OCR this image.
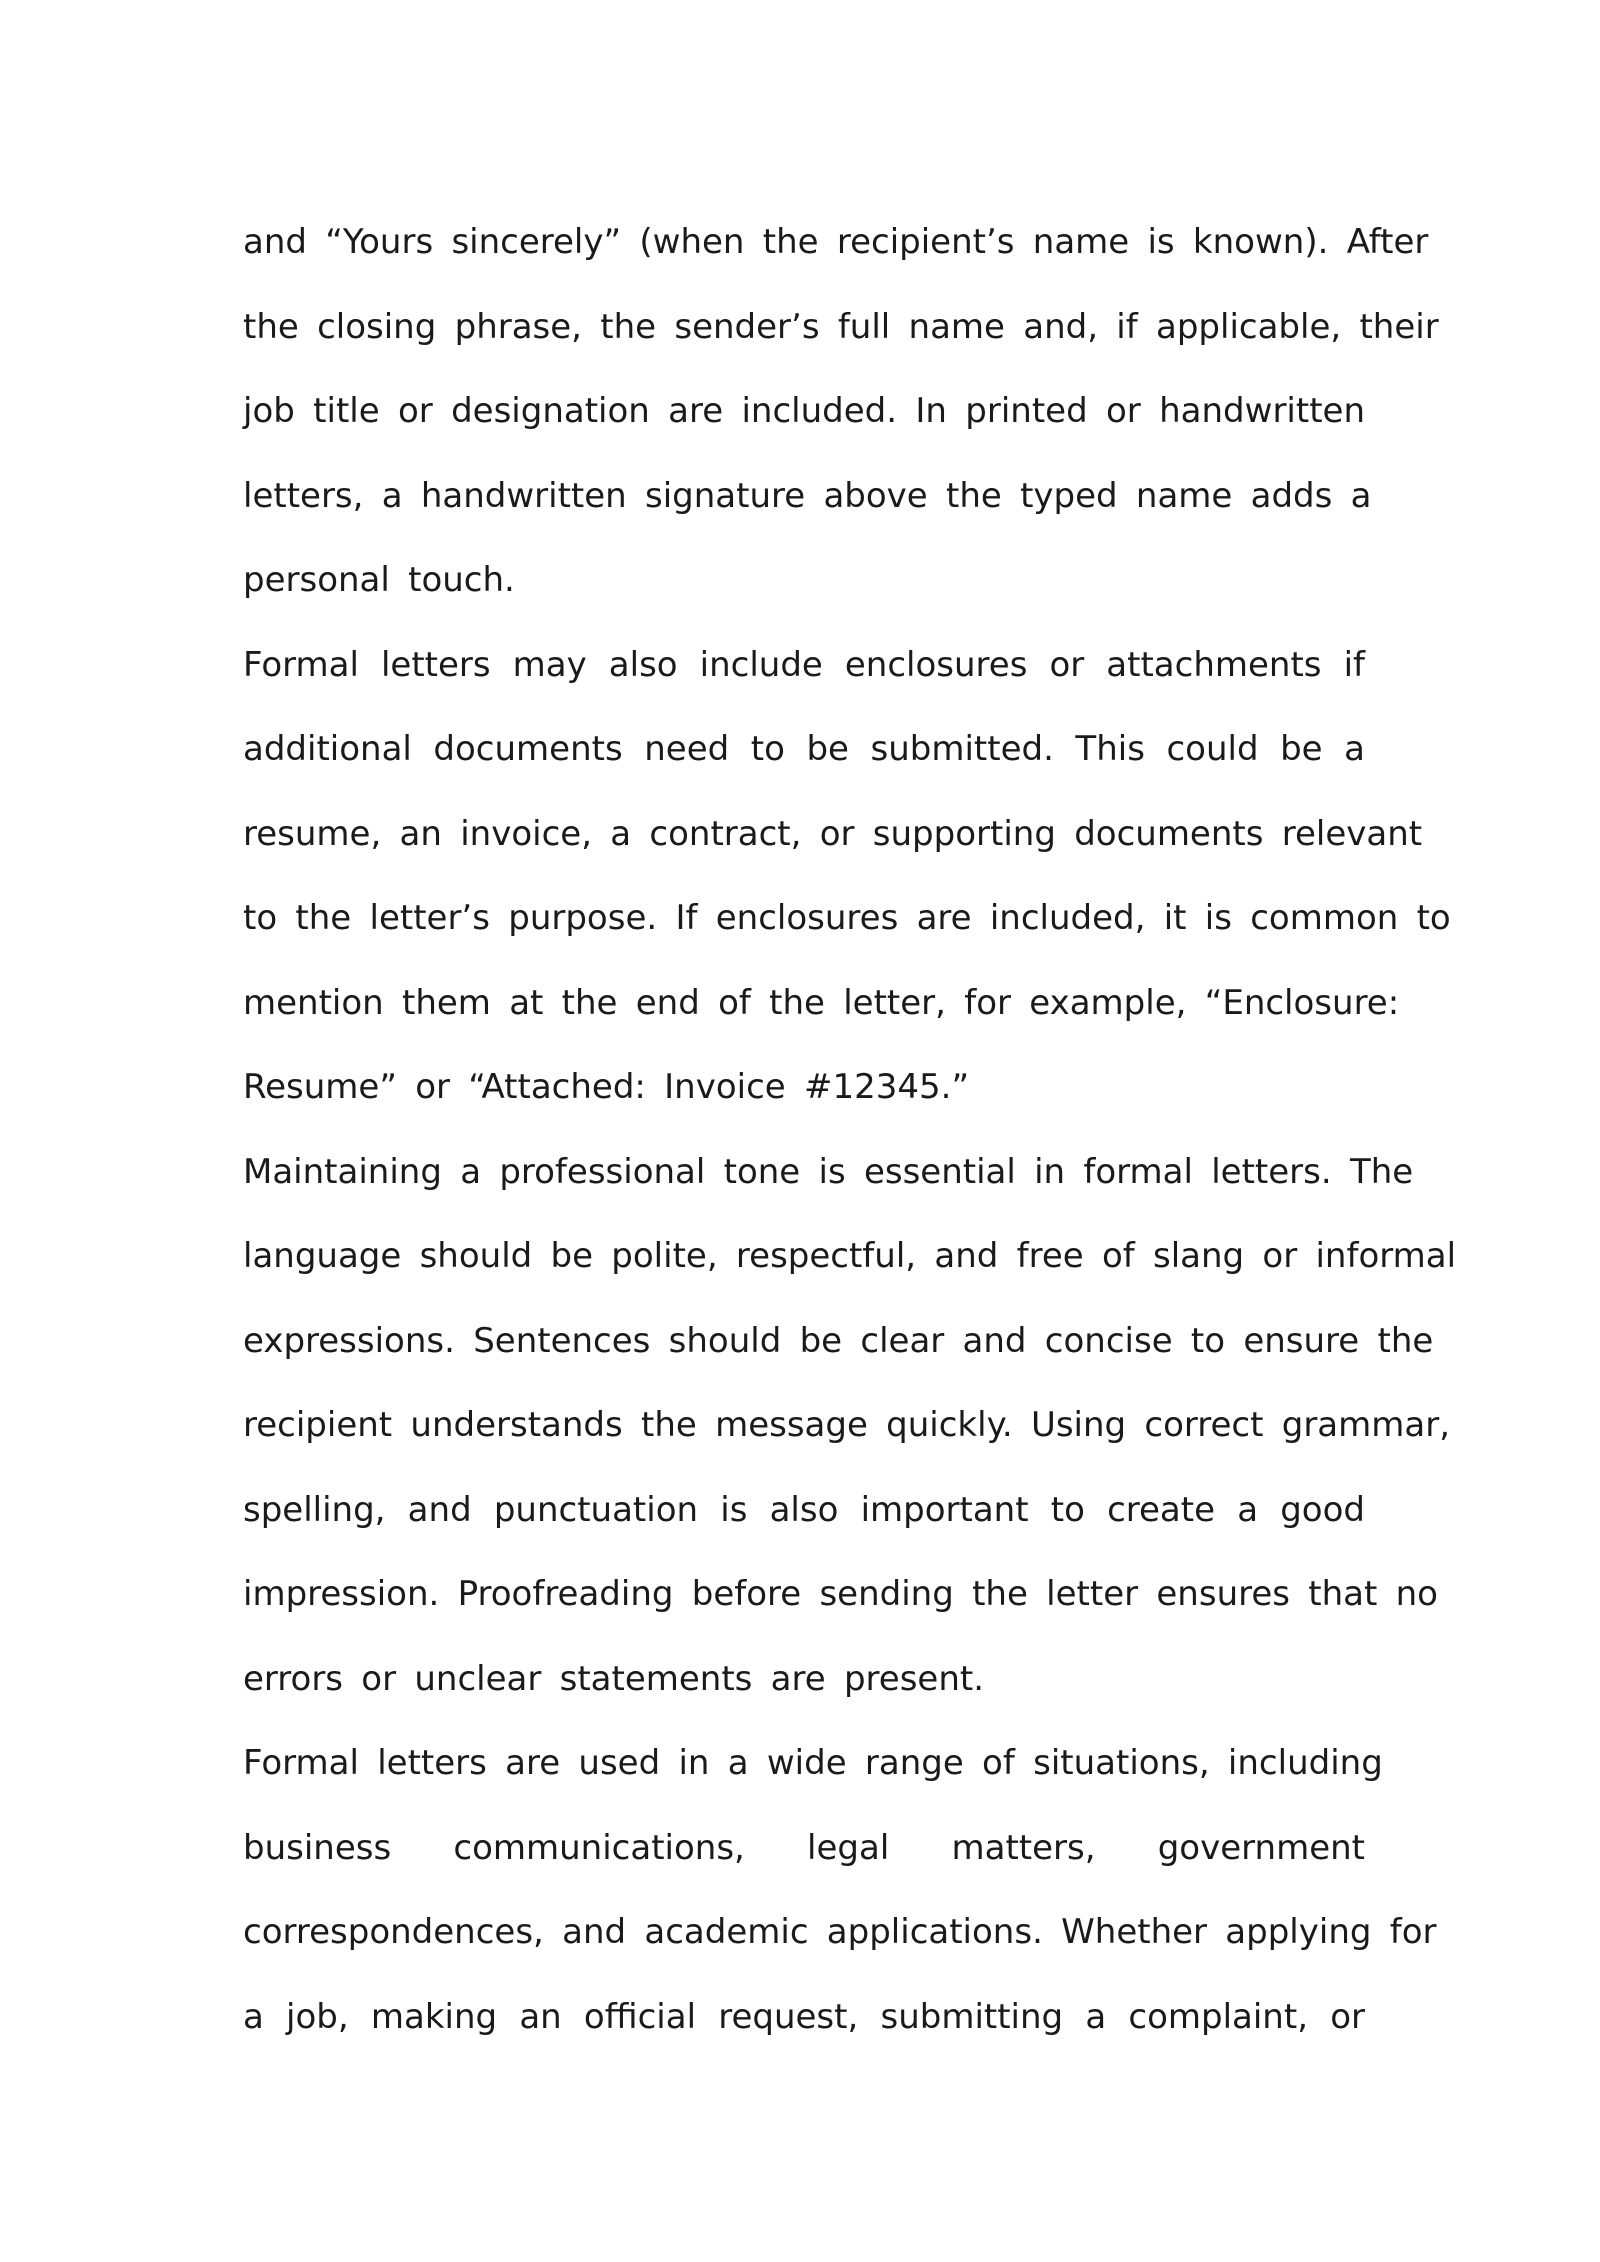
and “Yours sincerely” (when the recipient’s name is known). After
the closing phrase, the sender’s full name and, if applicable, their
job title or designation are included. In printed or handwritten
letters, a handwritten signature above the typed name adds a
personal touch.
Formal letters may also include enclosures or attachments if
additional documents need to be submitted. This could be a
resume, an invoice, a contract, or supporting documents relevant
to the letter’s purpose. If enclosures are included, it is common to
mention them at the end of the letter, for example, “Enclosure:
Resume” or “Attached: Invoice #12345.”
Maintaining a professional tone is essential in formal letters. The
language should be polite, respectful, and free of slang or informal
expressions. Sentences should be clear and concise to ensure the
recipient understands the message quickly. Using correct grammar,
spelling, and punctuation is also important to create a good
impression. Proofreading before sending the letter ensures that no
errors or unclear statements are present.
Formal letters are used in a wide range of situations, including
business communications, legal matters, government
correspondences, and academic applications. Whether applying for
a job, making an official request, submitting a complaint, or
